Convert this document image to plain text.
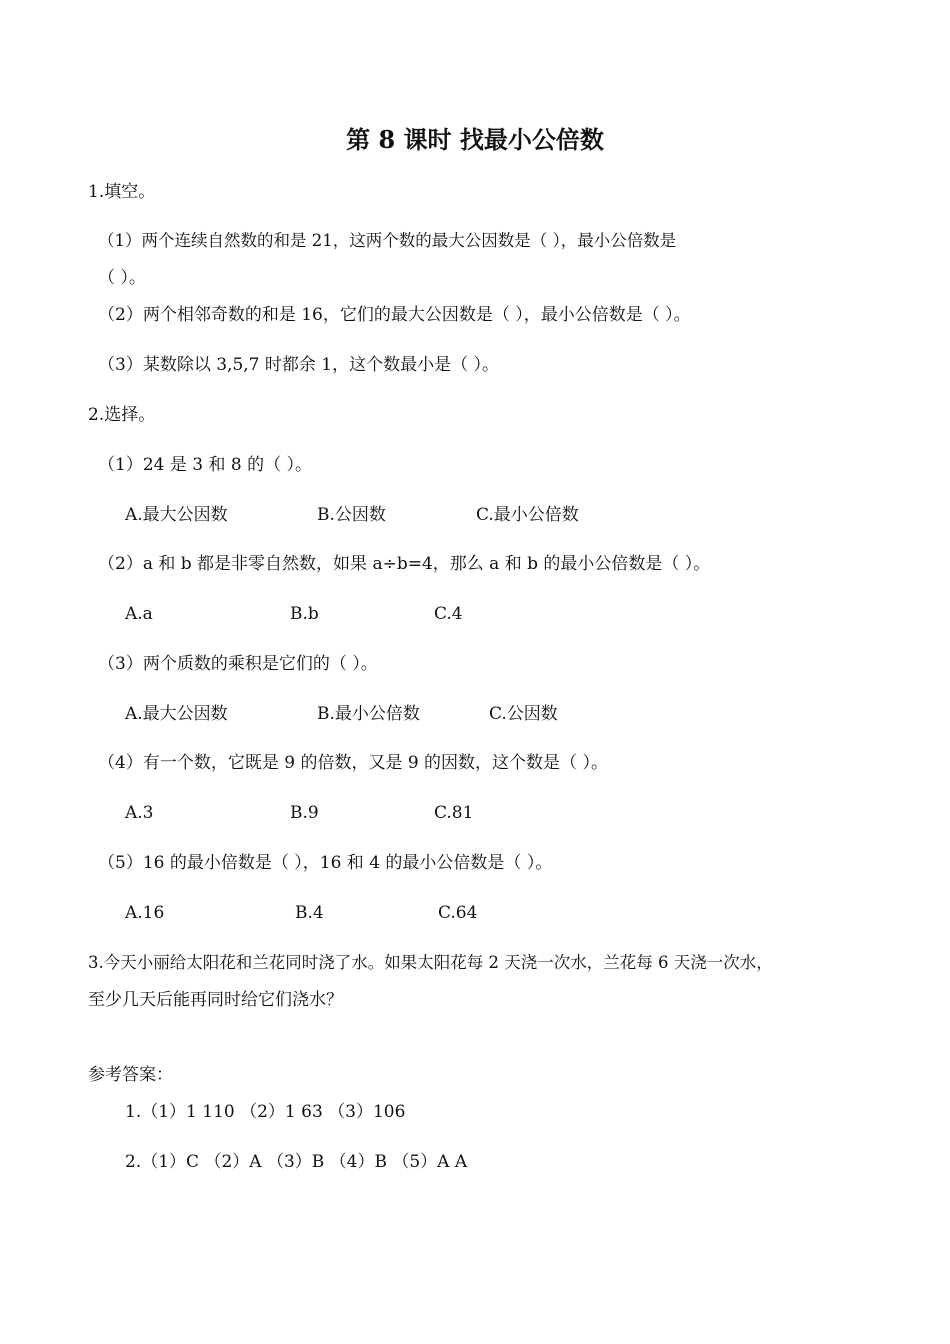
第 8 课时 找最小公倍数
1.填空。
（1）两个连续自然数的和是 21，这两个数的最大公因数是（ ），最小公倍数是
（ ）。
（2）两个相邻奇数的和是 16，它们的最大公因数是（ ），最小公倍数是（ ）。
（3）某数除以 3,5,7 时都余 1，这个数最小是（ ）。
2.选择。
（1）24 是 3 和 8 的（ ）。
A.最大公因数	B.公因数	C.最小公倍数
（2）a 和 b 都是非零自然数，如果 a÷b=4，那么 a 和 b 的最小公倍数是（ ）。
A.a	B.b	C.4
（3）两个质数的乘积是它们的（ ）。
A.最大公因数	B.最小公倍数	C.公因数
（4）有一个数，它既是 9 的倍数，又是 9 的因数，这个数是（ ）。
A.3	B.9	C.81
（5）16 的最小倍数是（ ），16 和 4 的最小公倍数是（ ）。
A.16	B.4	C.64
3.今天小丽给太阳花和兰花同时浇了水。如果太阳花每 2 天浇一次水，兰花每 6 天浇一次水，
至少几天后能再同时给它们浇水？
参考答案：
1.（1）1 110 （2）1 63 （3）106
2.（1）C （2）A （3）B （4）B （5）A A
